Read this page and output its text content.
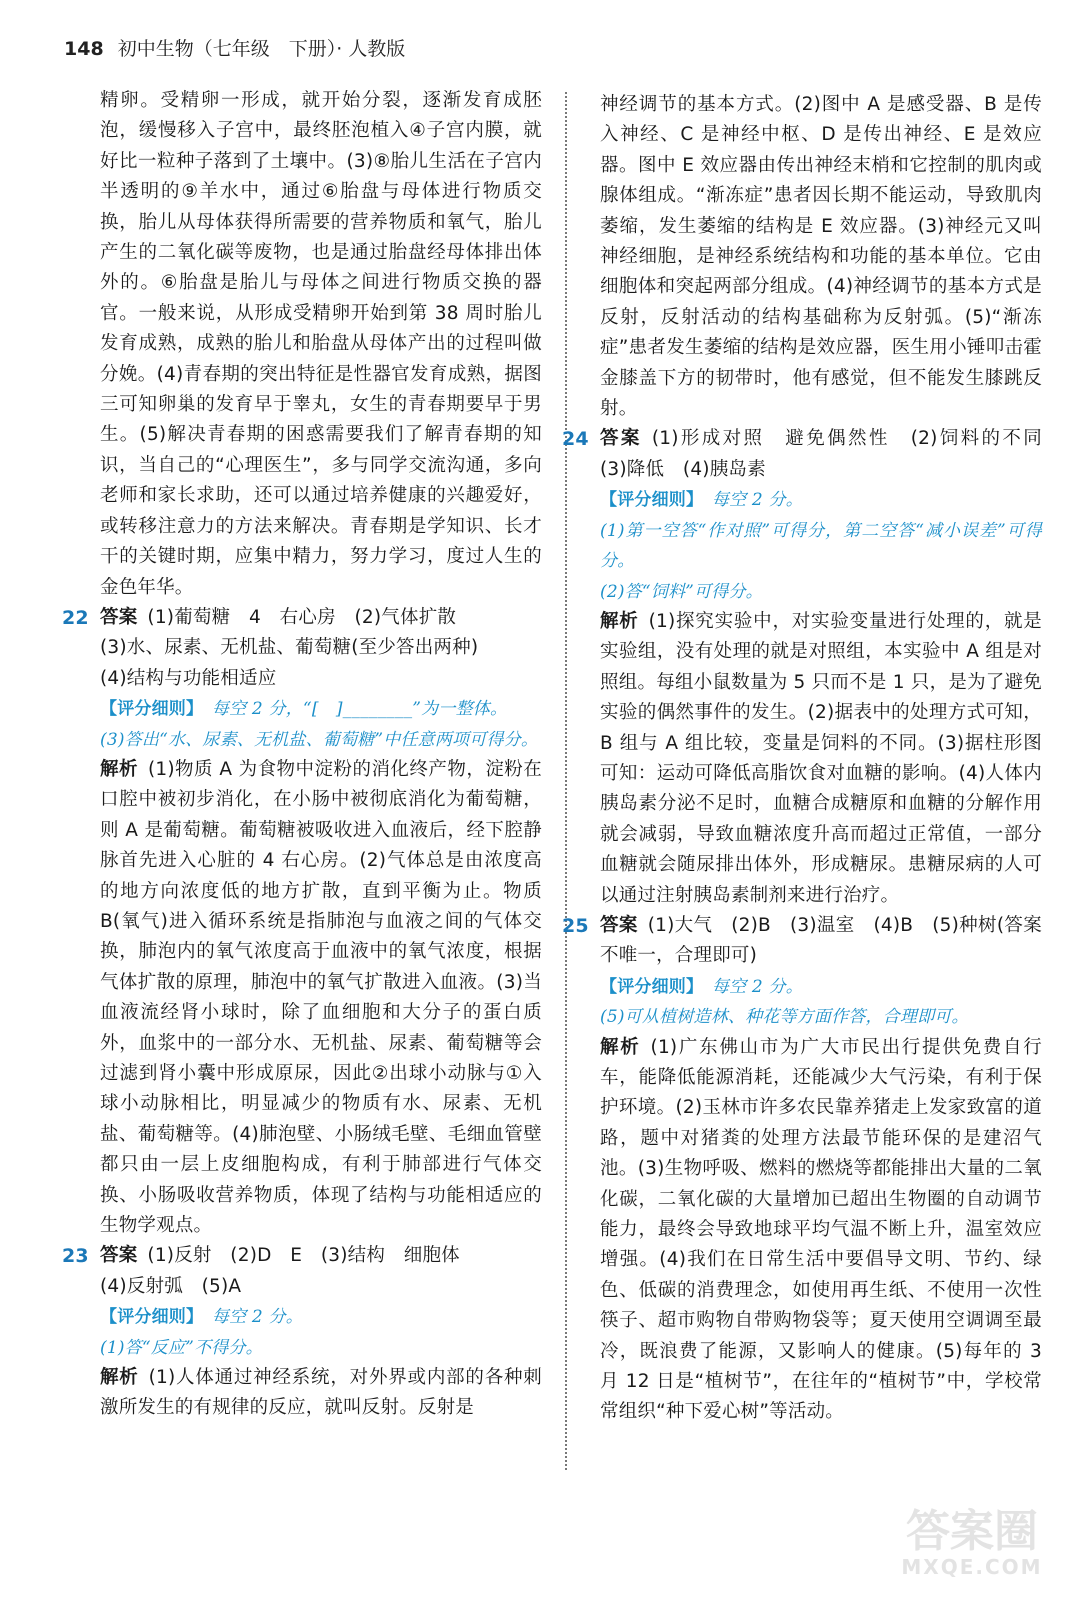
148 初中生物（七年级　下册）· 人教版

精卵。受精卵一形成，就开始分裂，逐渐发育成胚泡，缓慢移入子宫中，最终胚泡植入④子宫内膜，就好比一粒种子落到了土壤中。(3)⑧胎儿生活在子宫内半透明的⑨羊水中，通过⑥胎盘与母体进行物质交换，胎儿从母体获得所需要的营养物质和氧气，胎儿产生的二氧化碳等废物，也是通过胎盘经母体排出体外的。⑥胎盘是胎儿与母体之间进行物质交换的器官。一般来说，从形成受精卵开始到第 38 周时胎儿发育成熟，成熟的胎儿和胎盘从母体产出的过程叫做分娩。(4)青春期的突出特征是性器官发育成熟，据图三可知卵巢的发育早于睾丸，女生的青春期要早于男生。(5)解决青春期的困惑需要我们了解青春期的知识，当自己的“心理医生”，多与同学交流沟通，多向老师和家长求助，还可以通过培养健康的兴趣爱好，或转移注意力的方法来解决。青春期是学知识、长才干的关键时期，应集中精力，努力学习，度过人生的金色年华。

22 答案 (1)葡萄糖　4　右心房　(2)气体扩散

(3)水、尿素、无机盐、葡萄糖(至少答出两种)

(4)结构与功能相适应

【评分细则】　每空 2 分，“[　]________”为一整体。

(3)答出“水、尿素、无机盐、葡萄糖”中任意两项可得分。

解析 (1)物质 A 为食物中淀粉的消化终产物，淀粉在口腔中被初步消化，在小肠中被彻底消化为葡萄糖，则 A 是葡萄糖。葡萄糖被吸收进入血液后，经下腔静脉首先进入心脏的 4 右心房。(2)气体总是由浓度高的地方向浓度低的地方扩散，直到平衡为止。物质 B(氧气)进入循环系统是指肺泡与血液之间的气体交换，肺泡内的氧气浓度高于血液中的氧气浓度，根据气体扩散的原理，肺泡中的氧气扩散进入血液。(3)当血液流经肾小球时，除了血细胞和大分子的蛋白质外，血浆中的一部分水、无机盐、尿素、葡萄糖等会过滤到肾小囊中形成原尿，因此②出球小动脉与①入球小动脉相比，明显减少的物质有水、尿素、无机盐、葡萄糖等。(4)肺泡壁、小肠绒毛壁、毛细血管壁都只由一层上皮细胞构成，有利于肺部进行气体交换、小肠吸收营养物质，体现了结构与功能相适应的生物学观点。

23 答案 (1)反射　(2)D　E　(3)结构　细胞体

(4)反射弧　(5)A

【评分细则】　每空 2 分。

(1)答“反应”不得分。

解析 (1)人体通过神经系统，对外界或内部的各种刺激所发生的有规律的反应，就叫反射。反射是

神经调节的基本方式。(2)图中 A 是感受器、B 是传入神经、C 是神经中枢、D 是传出神经、E 是效应器。图中 E 效应器由传出神经末梢和它控制的肌肉或腺体组成。“渐冻症”患者因长期不能运动，导致肌肉萎缩，发生萎缩的结构是 E 效应器。(3)神经元又叫神经细胞，是神经系统结构和功能的基本单位。它由细胞体和突起两部分组成。(4)神经调节的基本方式是反射，反射活动的结构基础称为反射弧。(5)“渐冻症”患者发生萎缩的结构是效应器，医生用小锤叩击霍金膝盖下方的韧带时，他有感觉，但不能发生膝跳反射。

24 答案 (1)形成对照　避免偶然性　(2)饲料的不同　(3)降低　(4)胰岛素

【评分细则】　每空 2 分。

(1)第一空答“作对照”可得分，第二空答“减小误差”可得分。

(2)答“饲料”可得分。

解析 (1)探究实验中，对实验变量进行处理的，就是实验组，没有处理的就是对照组，本实验中 A 组是对照组。每组小鼠数量为 5 只而不是 1 只，是为了避免实验的偶然事件的发生。(2)据表中的处理方式可知，B 组与 A 组比较，变量是饲料的不同。(3)据柱形图可知：运动可降低高脂饮食对血糖的影响。(4)人体内胰岛素分泌不足时，血糖合成糖原和血糖的分解作用就会减弱，导致血糖浓度升高而超过正常值，一部分血糖就会随尿排出体外，形成糖尿。患糖尿病的人可以通过注射胰岛素制剂来进行治疗。

25 答案 (1)大气　(2)B　(3)温室　(4)B　(5)种树(答案不唯一，合理即可)

【评分细则】　每空 2 分。

(5)可从植树造林、种花等方面作答，合理即可。

解析 (1)广东佛山市为广大市民出行提供免费自行车，能降低能源消耗，还能减少大气污染，有利于保护环境。(2)玉林市许多农民靠养猪走上发家致富的道路，题中对猪粪的处理方法最节能环保的是建沼气池。(3)生物呼吸、燃料的燃烧等都能排出大量的二氧化碳，二氧化碳的大量增加已超出生物圈的自动调节能力，最终会导致地球平均气温不断上升，温室效应增强。(4)我们在日常生活中要倡导文明、节约、绿色、低碳的消费理念，如使用再生纸、不使用一次性筷子、超市购物自带购物袋等；夏天使用空调调至最冷，既浪费了能源，又影响人的健康。(5)每年的 3 月 12 日是“植树节”，在往年的“植树节”中，学校常常组织“种下爱心树”等活动。

答案圈
MXQE.COM
